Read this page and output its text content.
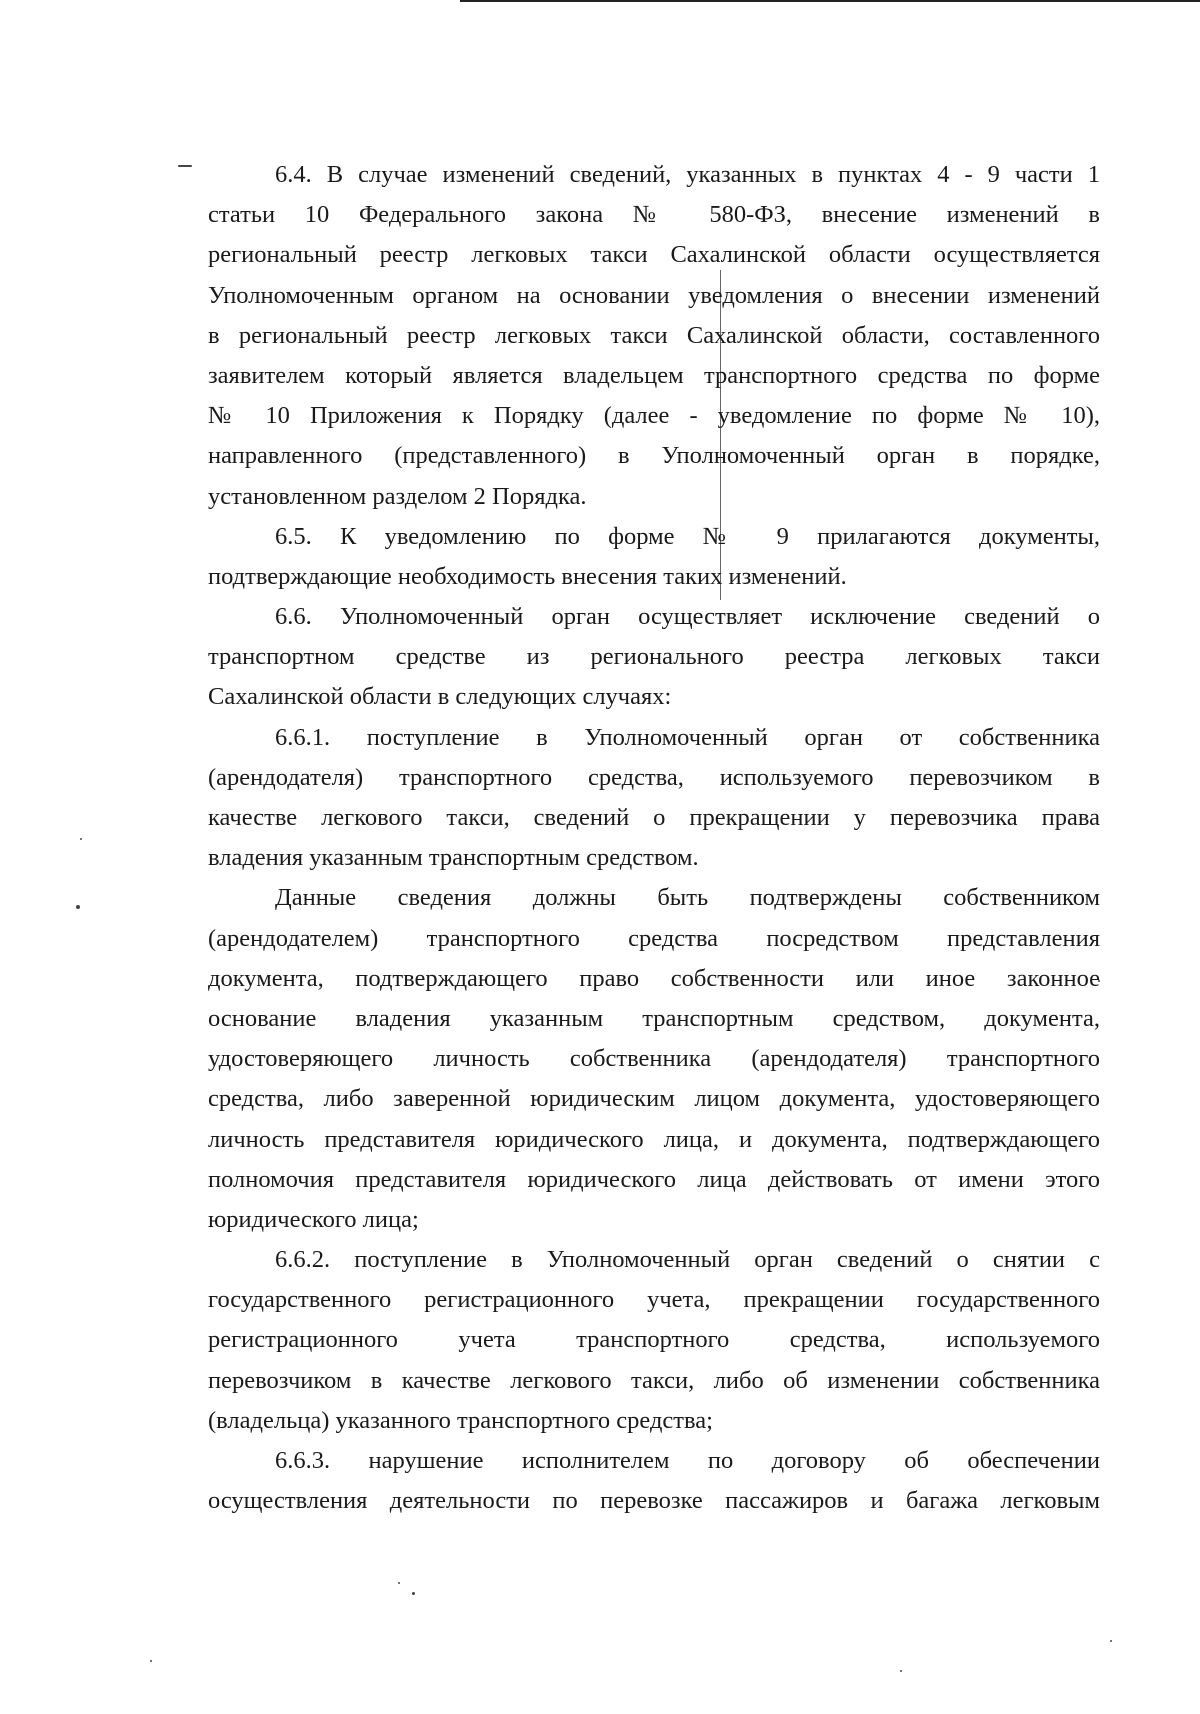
6.4. В случае изменений сведений, указанных в пунктах 4 - 9 части 1
статьи 10 Федерального закона № 580-ФЗ, внесение изменений в
региональный реестр легковых такси Сахалинской области осуществляется
Уполномоченным органом на основании уведомления о внесении изменений
в региональный реестр легковых такси Сахалинской области, составленного
заявителем который является владельцем транспортного средства по форме
№ 10 Приложения к Порядку (далее - уведомление по форме № 10),
направленного (представленного) в Уполномоченный орган в порядке,
установленном разделом 2 Порядка.
6.5. К уведомлению по форме № 9 прилагаются документы,
подтверждающие необходимость внесения таких изменений.
6.6. Уполномоченный орган осуществляет исключение сведений о
транспортном средстве из регионального реестра легковых такси
Сахалинской области в следующих случаях:
6.6.1. поступление в Уполномоченный орган от собственника
(арендодателя) транспортного средства, используемого перевозчиком в
качестве легкового такси, сведений о прекращении у перевозчика права
владения указанным транспортным средством.
Данные сведения должны быть подтверждены собственником
(арендодателем) транспортного средства посредством представления
документа, подтверждающего право собственности или иное законное
основание владения указанным транспортным средством, документа,
удостоверяющего личность собственника (арендодателя) транспортного
средства, либо заверенной юридическим лицом документа, удостоверяющего
личность представителя юридического лица, и документа, подтверждающего
полномочия представителя юридического лица действовать от имени этого
юридического лица;
6.6.2. поступление в Уполномоченный орган сведений о снятии с
государственного регистрационного учета, прекращении государственного
регистрационного учета транспортного средства, используемого
перевозчиком в качестве легкового такси, либо об изменении собственника
(владельца) указанного транспортного средства;
6.6.3. нарушение исполнителем по договору об обеспечении
осуществления деятельности по перевозке пассажиров и багажа легковым
